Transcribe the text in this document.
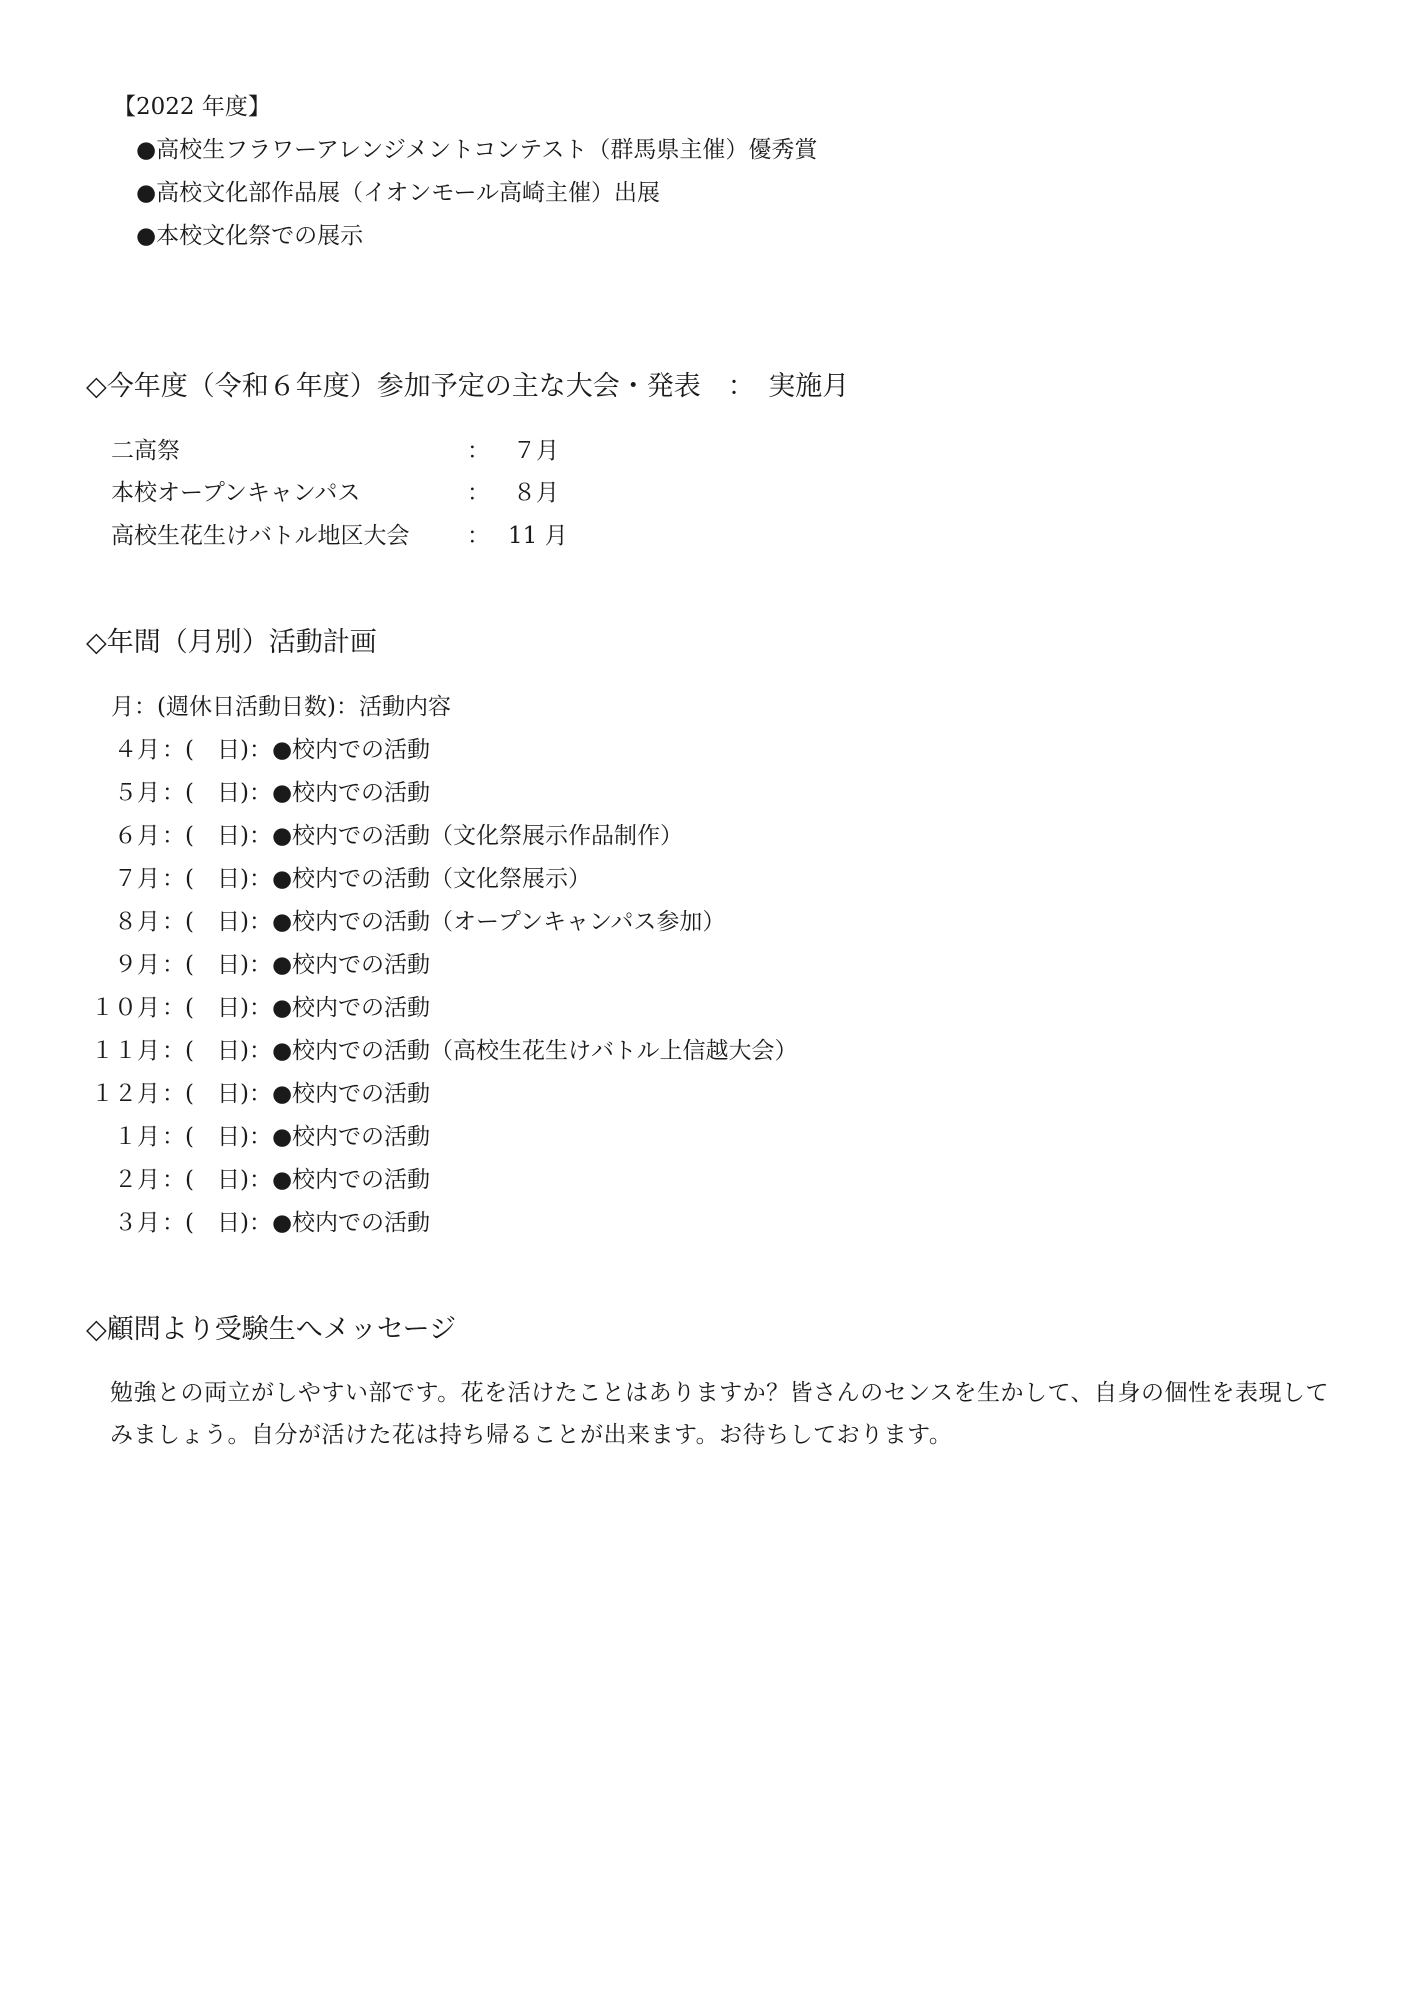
【2022 年度】
●高校生フラワーアレンジメントコンテスト（群馬県主催）優秀賞
●高校文化部作品展（イオンモール高崎主催）出展
●本校文化祭での展示
◇今年度（令和６年度）参加予定の主な大会・発表　：　実施月
二高祭	： ７月
本校オープンキャンパス	： ８月
高校生花生けバトル地区大会 ： 11 月
◇年間（月別）活動計画
月：(週休日活動日数)：活動内容
４月 ：(　日)：●校内での活動
５月 ：(　日)：●校内での活動
６月 ：(　日)：●校内での活動（文化祭展示作品制作）
７月 ：(　日)：●校内での活動（文化祭展示）
８月 ：(　日)：●校内での活動（オープンキャンパス参加）
９月 ：(　日)：●校内での活動
１０月 ：(　日)：●校内での活動
１１月 ：(　日)：●校内での活動（高校生花生けバトル上信越大会）
１２月 ：(　日)：●校内での活動
１月 ：(　日)：●校内での活動
２月 ：(　日)：●校内での活動
３月 ：(　日)：●校内での活動
◇顧問より受験生へメッセージ
勉強との両立がしやすい部です。花を活けたことはありますか？皆さんのセンスを生かして、自身の個性を表現してみましょう。自分が活けた花は持ち帰ることが出来ます。お待ちしております。
